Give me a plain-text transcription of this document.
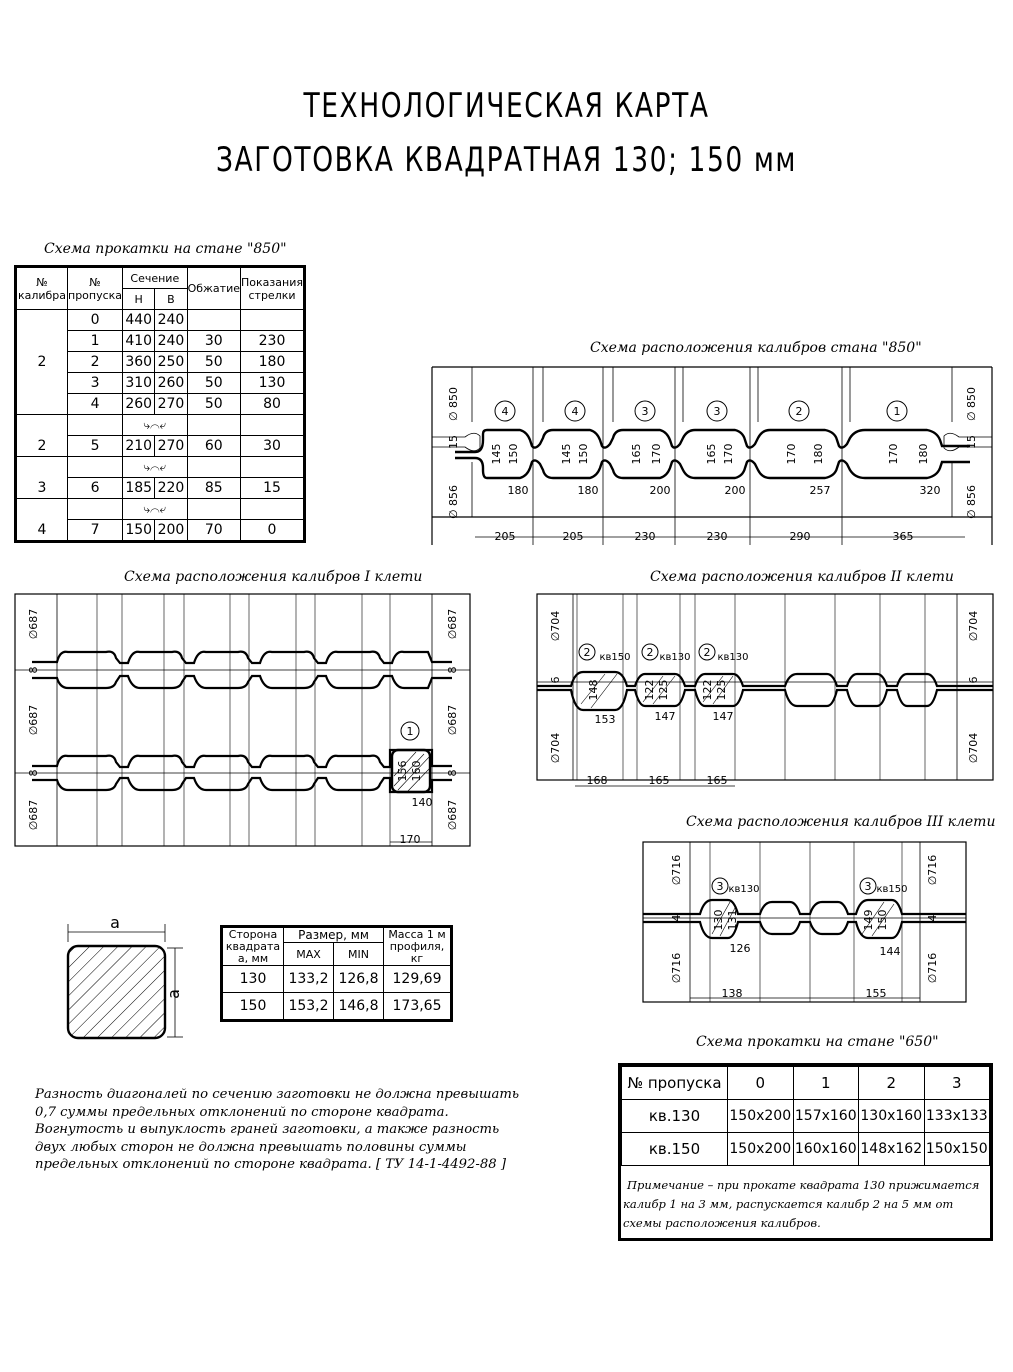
ТЕХНОЛОГИЧЕСКАЯ КАРТА
ЗАГОТОВКА КВАДРАТНАЯ 130; 150 мм
Схема прокатки на стане "850"
№ калибра	№ пропуска	Сечение		Обжатие	Показания стрелки
		Н	В		
2	0	440	240		
	1	410	240	30	230
	2	360	250	50	180
	3	310	260	50	130
	4	260	270	50	80
		⤷⌒⤶			
2	5	210	270	60	30
		⤷⌒⤶			
3	6	185	220	85	15
		⤷⌒⤶			
4	7	150	200	70	0
Схема расположения калибров стана "850"
4	4	3	3	2	1
180	180	200	200	257	320
205	205	230	230	290	365
145 150	145 150	165 170	165 170	170 180	170 180
∅ 850	∅ 850
∅ 856	∅ 856
15	15
Схема расположения калибров I клети
1
140
170
156 160
∅687
∅687
∅687
∅687
∅687
∅687
8
8
8
8
Схема расположения калибров II клети
2	2	2
кв150	кв130	кв130
153	147	147
168	165	165
148	122 125	122 125
∅704
∅704
∅704
∅704
6	6
Схема расположения калибров III клети
3	3
кв130	кв150
126	144
138	155
130 131	149 150
∅716
∅716
∅716
∅716
4	4
a
a
Сторона квадрата а, мм	Размер, мм		Масса 1 м профиля, кг
	MAX	MIN	
130	133,2	126,8	129,69
150	153,2	146,8	173,65
Разность диагоналей по сечению заготовки не должна превышать
0,7 суммы предельных отклонений по стороне квадрата.
Вогнутость и выпуклость граней заготовки, а также разность
двух любых сторон не должна превышать половины суммы
предельных отклонений по стороне квадрата. [ ТУ 14-1-4492-88 ]
Схема прокатки на стане "650"
№ пропуска	0	1	2	3
кв.130	150x200	157x160	130x160	133x133
кв.150	150x200	160x160	148x162	150x150
Примечание – при прокате квадрата 130 прижимается
калибр 1 на 3 мм, распускается калибр 2 на 5 мм от
схемы расположения калибров.
